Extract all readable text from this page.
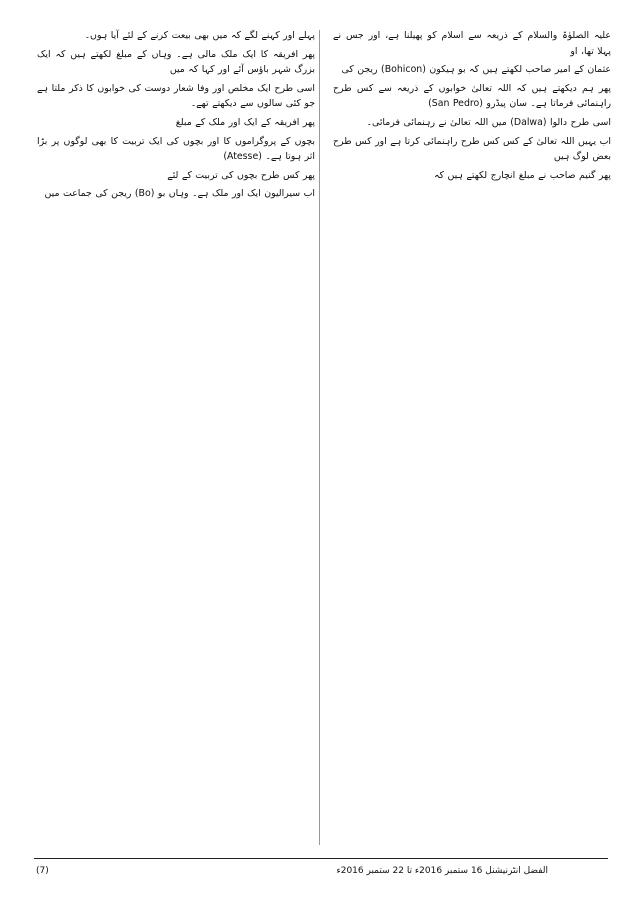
علیہ الصلوٰۃ والسلام کے ذریعہ سے اسلام کو پھیلنا ہے، اور جس نے پہلا تھا، او

عثمان کے امیر صاحب لکھتے ہیں کہ بو ہیکون (Bohicon) ریجن کی

پھر ہم دیکھتے ہیں کہ اللہ تعالیٰ خوابوں کے ذریعہ سے کس طرح راہنمائی فرماتا ہے۔ سان پیڈرو (San Pedro)

اسی طرح دالوا (Dalwa) میں اللہ تعالیٰ نے رہنمائی فرمائی۔

اب یہیں اللہ تعالیٰ کے کس کس طرح راہنمائی کرتا ہے اور کس طرح بعض لوگ ہیں

پھر گنیم صاحب نے مبلغ انچارج لکھتے ہیں کہ

پہلے اور کہنے لگے کہ میں بھی بیعت کرنے کے لئے آیا ہوں۔

پھر افریقہ کا ایک ملک مالی ہے۔ وہاں کے مبلغ لکھتے ہیں کہ ایک بزرگ شہر باؤس آئے اور کہا کہ میں

اسی طرح ایک مخلص اور وفا شعار دوست کی خوابوں کا ذکر ملتا ہے جو کئی سالوں سے دیکھتے تھے۔

پھر افریقہ کے ایک اور ملک کے مبلغ

بچوں کے پروگراموں کا اور بچوں کی ایک تربیت کا بھی لوگوں پر بڑا اثر ہوتا ہے۔ (Atesse)

پھر کس طرح بچوں کی تربیت کے لئے

اب سیرالیون ایک اور ملک ہے۔ وہاں بو (Bo) ریجن کی جماعت میں

(7)	الفضل انٹرنیشنل 16 ستمبر 2016ء تا 22 ستمبر 2016ء
